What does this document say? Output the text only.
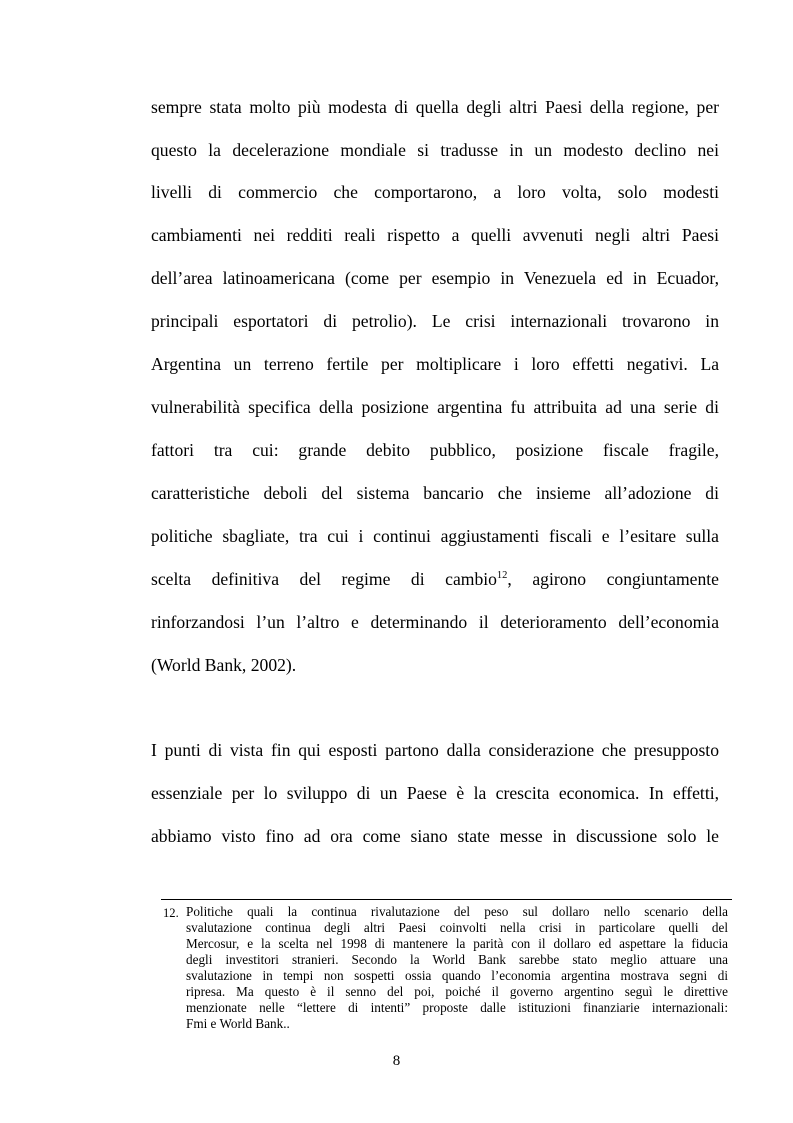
sempre stata molto più modesta di quella degli altri Paesi della regione, per
questo la decelerazione mondiale si tradusse in un modesto declino nei
livelli di commercio che comportarono, a loro volta, solo modesti
cambiamenti nei redditi reali rispetto a quelli avvenuti negli altri Paesi
dell’area latinoamericana (come per esempio in Venezuela ed in Ecuador,
principali esportatori di petrolio). Le crisi internazionali trovarono in
Argentina un terreno fertile per moltiplicare i loro effetti negativi. La
vulnerabilità specifica della posizione argentina fu attribuita ad una serie di
fattori tra cui: grande debito pubblico, posizione fiscale fragile,
caratteristiche deboli del sistema bancario che insieme all’adozione di
politiche sbagliate, tra cui i continui aggiustamenti fiscali e l’esitare sulla
scelta definitiva del regime di cambio$^{12}$, agirono congiuntamente
rinforzandosi l’un l’altro e determinando il deterioramento dell’economia
(World Bank, 2002).
I punti di vista fin qui esposti partono dalla considerazione che presupposto
essenziale per lo sviluppo di un Paese è la crescita economica. In effetti,
abbiamo visto fino ad ora come siano state messe in discussione solo le
12. Politiche quali la continua rivalutazione del peso sul dollaro nello scenario della
svalutazione continua degli altri Paesi coinvolti nella crisi in particolare quelli del
Mercosur, e la scelta nel 1998 di mantenere la parità con il dollaro ed aspettare la fiducia
degli investitori stranieri. Secondo la World Bank sarebbe stato meglio attuare una
svalutazione in tempi non sospetti ossia quando l’economia argentina mostrava segni di
ripresa. Ma questo è il senno del poi, poiché il governo argentino seguì le direttive
menzionate nelle “lettere di intenti” proposte dalle istituzioni finanziarie internazionali:
Fmi e World Bank..
8
